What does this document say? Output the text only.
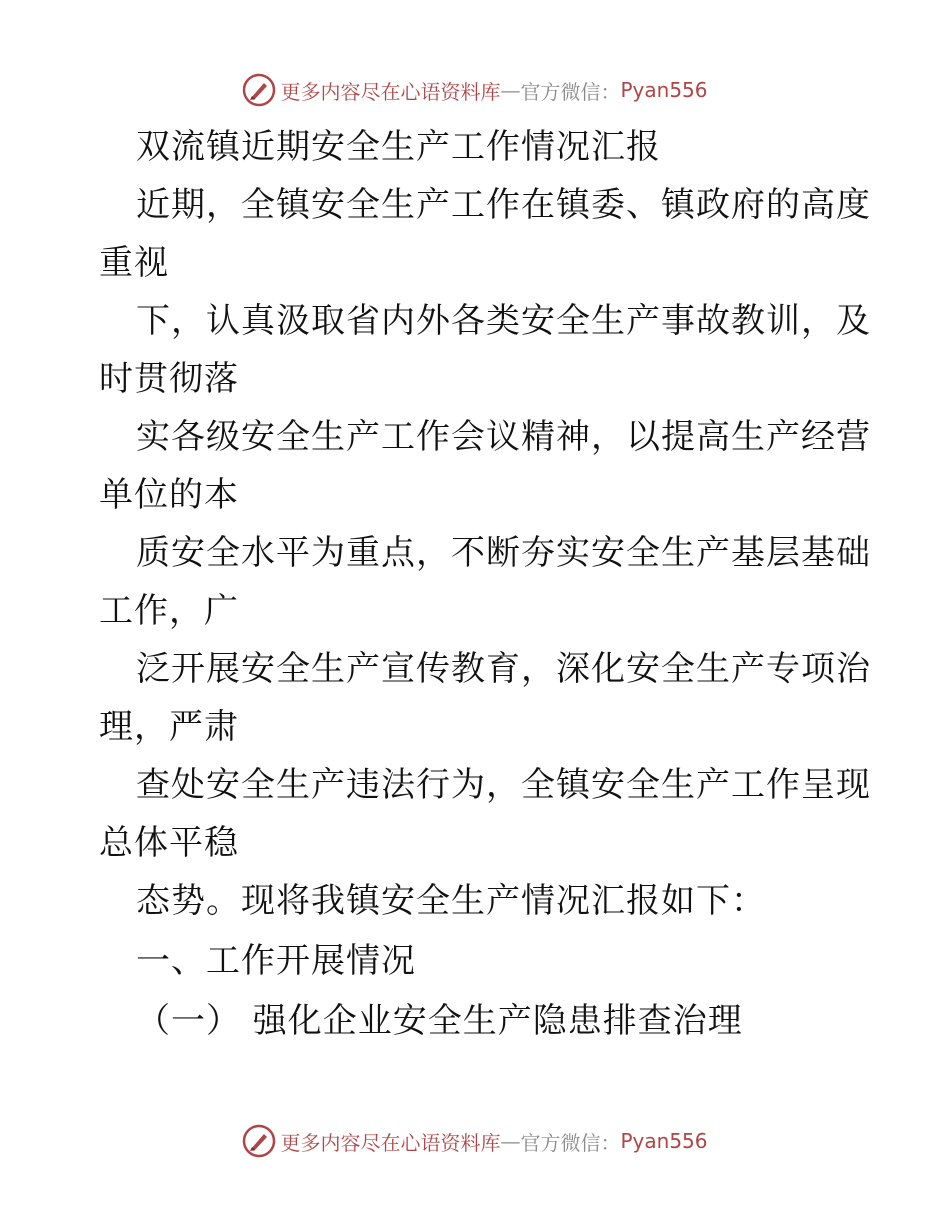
更多内容尽在心语资料库 — 官方微信： Pyan556
双流镇近期安全生产工作情况汇报
近期，全镇安全生产工作在镇委、镇政府的高度
重视
下，认真汲取省内外各类安全生产事故教训，及
时贯彻落
实各级安全生产工作会议精神，以提高生产经营
单位的本
质安全水平为重点，不断夯实安全生产基层基础
工作，广
泛开展安全生产宣传教育，深化安全生产专项治
理，严肃
查处安全生产违法行为，全镇安全生产工作呈现
总体平稳
态势。现将我镇安全生产情况汇报如下：
一、工作开展情况
（一） 强化企业安全生产隐患排查治理
更多内容尽在心语资料库 — 官方微信： Pyan556
